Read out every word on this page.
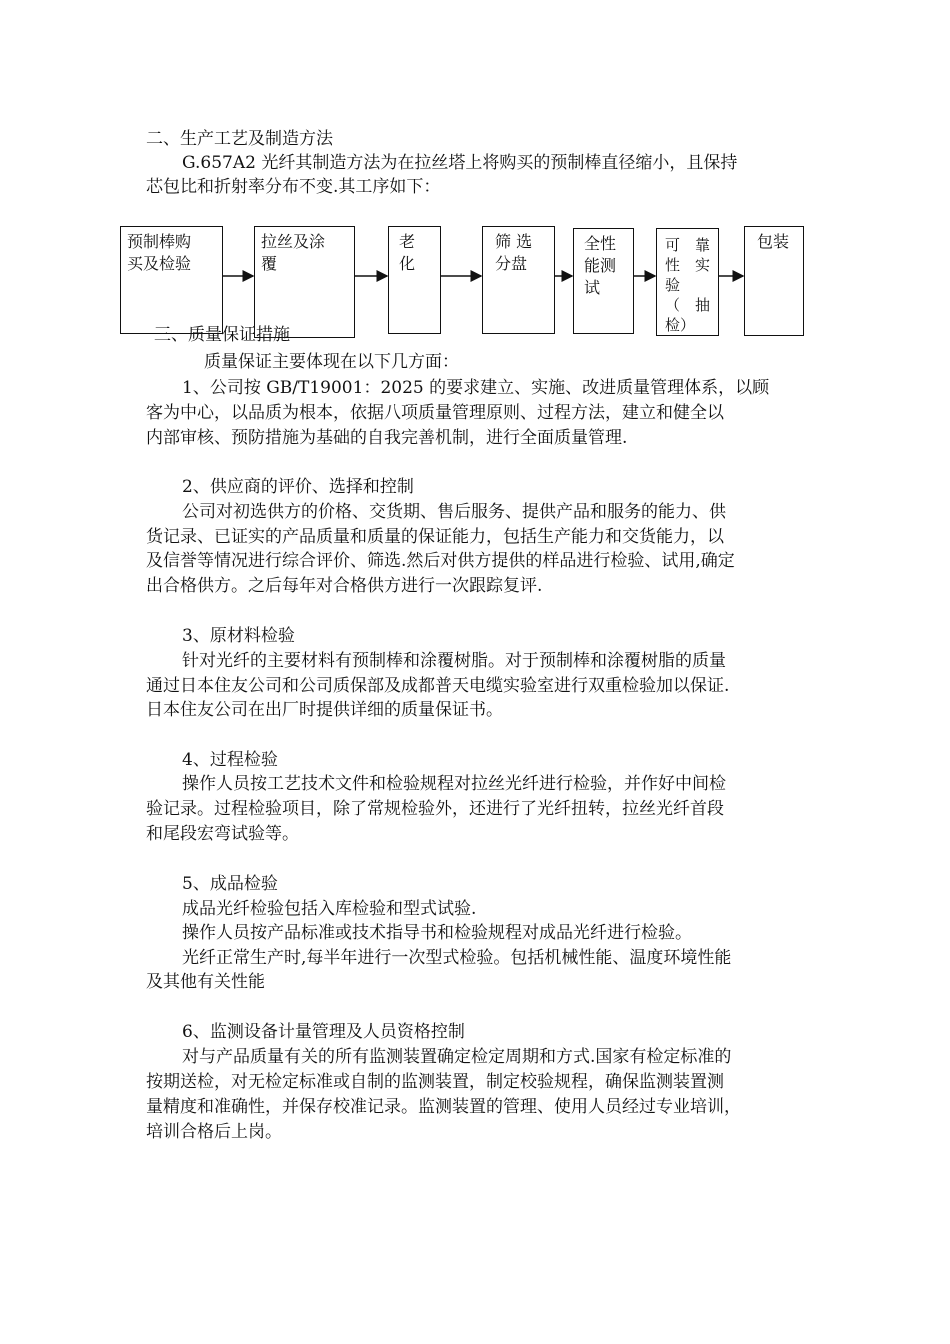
二、生产工艺及制造方法
G.657A2 光纤其制造方法为在拉丝塔上将购买的预制棒直径缩小，且保持
芯包比和折射率分布不变.其工序如下：
预制棒购
买及检验
拉丝及涂
覆
老
化
筛 选
分盘
全性
能测
试
可　靠
性　实
验
（　抽
检）
包装
三、质量保证措施
质量保证主要体现在以下几方面：
1、公司按 GB/T19001：2025 的要求建立、实施、改进质量管理体系，以顾
客为中心，以品质为根本，依据八项质量管理原则、过程方法，建立和健全以
内部审核、预防措施为基础的自我完善机制，进行全面质量管理.
2、供应商的评价、选择和控制
公司对初选供方的价格、交货期、售后服务、提供产品和服务的能力、供
货记录、已证实的产品质量和质量的保证能力，包括生产能力和交货能力，以
及信誉等情况进行综合评价、筛选.然后对供方提供的样品进行检验、试用,确定
出合格供方。之后每年对合格供方进行一次跟踪复评.
3、原材料检验
针对光纤的主要材料有预制棒和涂覆树脂。对于预制棒和涂覆树脂的质量
通过日本住友公司和公司质保部及成都普天电缆实验室进行双重检验加以保证.
日本住友公司在出厂时提供详细的质量保证书。
4、过程检验
操作人员按工艺技术文件和检验规程对拉丝光纤进行检验，并作好中间检
验记录。过程检验项目，除了常规检验外，还进行了光纤扭转，拉丝光纤首段
和尾段宏弯试验等。
5、成品检验
成品光纤检验包括入库检验和型式试验.
操作人员按产品标准或技术指导书和检验规程对成品光纤进行检验。
光纤正常生产时,每半年进行一次型式检验。包括机械性能、温度环境性能
及其他有关性能
6、监测设备计量管理及人员资格控制
对与产品质量有关的所有监测装置确定检定周期和方式.国家有检定标准的
按期送检，对无检定标准或自制的监测装置，制定校验规程，确保监测装置测
量精度和准确性，并保存校准记录。监测装置的管理、使用人员经过专业培训，
培训合格后上岗。
